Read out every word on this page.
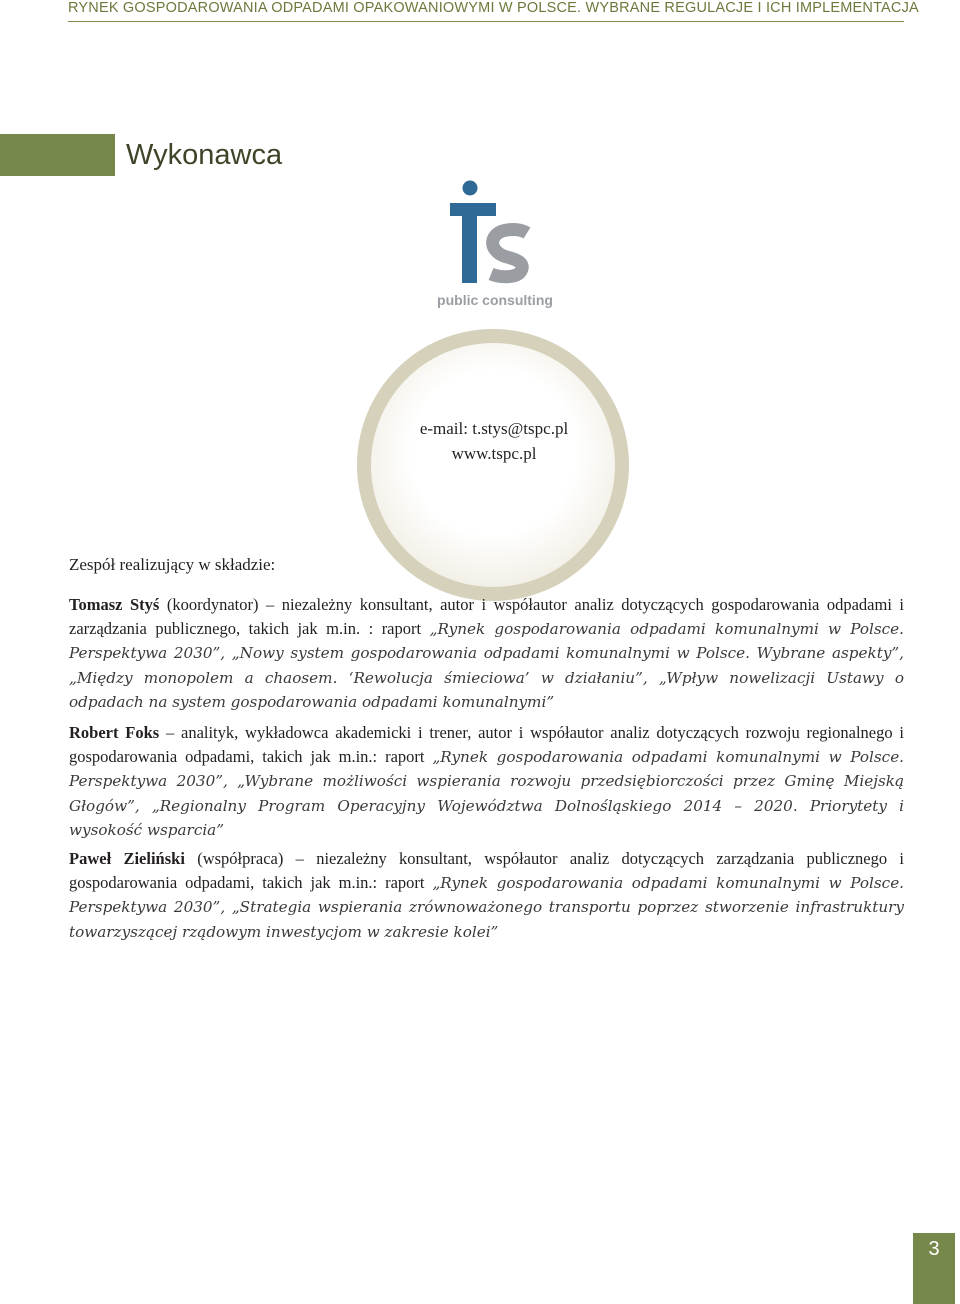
RYNEK GOSPODAROWANIA ODPADAMI OPAKOWANIOWYMI W POLSCE. WYBRANE REGULACJE I ICH IMPLEMENTACJA
Wykonawca
public consulting
e-mail: t.stys@tspc.pl
www.tspc.pl
Zespół realizujący w składzie:
Tomasz Styś (koordynator) – niezależny konsultant, autor i współautor analiz dotyczących gospodarowania odpadami i zarządzania publicznego, takich jak m.in. : raport „Rynek gospodarowania odpadami komunalnymi w Polsce. Perspektywa 2030”, „Nowy system gospodarowania odpadami komunalnymi w Polsce. Wybrane aspekty”, „Między monopolem a chaosem. ‘Rewolucja śmieciowa’ w działaniu”, „Wpływ nowelizacji Ustawy o odpadach na system gospodarowania odpadami komunalnymi”
Robert Foks – analityk, wykładowca akademicki i trener, autor i współautor analiz dotyczących rozwoju regionalnego i gospodarowania odpadami, takich jak m.in.: raport „Rynek gospodarowania odpadami komunalnymi w Polsce. Perspektywa 2030”, „Wybrane możliwości wspierania rozwoju przedsiębiorczości przez Gminę Miejską Głogów”, „Regionalny Program Operacyjny Województwa Dolnośląskiego 2014 – 2020. Priorytety i wysokość wsparcia”
Paweł Zieliński (współpraca) – niezależny konsultant, współautor analiz dotyczących zarządzania publicznego i gospodarowania odpadami, takich jak m.in.: raport „Rynek gospodarowania odpadami komunalnymi w Polsce. Perspektywa 2030”, „Strategia wspierania zrównoważonego transportu poprzez stworzenie infrastruktury towarzyszącej rządowym inwestycjom w zakresie kolei”
3
